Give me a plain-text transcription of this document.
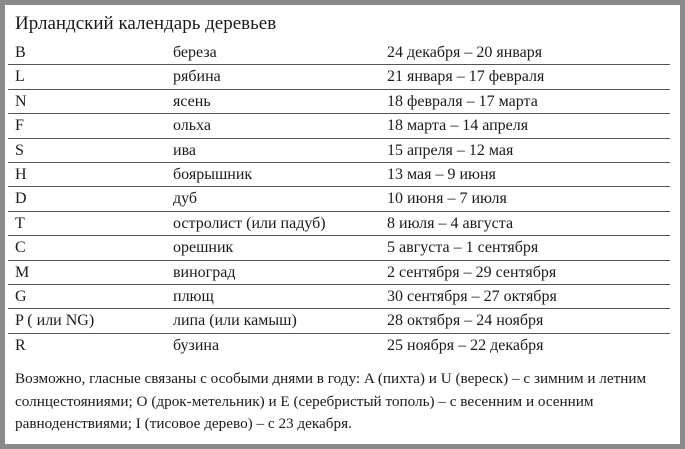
Ирландский календарь деревьев
B	береза	24 декабря – 20 января
L	рябина	21 января – 17 февраля
N	ясень	18 февраля – 17 марта
F	ольха	18 марта – 14 апреля
S	ива	15 апреля – 12 мая
H	боярышник	13 мая – 9 июня
D	дуб	10 июня – 7 июля
T	остролист (или падуб)	8 июля – 4 августа
C	орешник	5 августа – 1 сентября
M	виноград	2 сентября – 29 сентября
G	плющ	30 сентября – 27 октября
P ( или NG)	липа (или камыш)	28 октября – 24 ноября
R	бузина	25 ноября – 22 декабря
Возможно, гласные связаны с особыми днями в году: A (пихта) и U (вереск) – с зимним и летним солнцестояниями; O (дрок-метельник) и E (серебристый тополь) – с весенним и осенним равноденствиями; I (тисовое дерево) – с 23 декабря.
